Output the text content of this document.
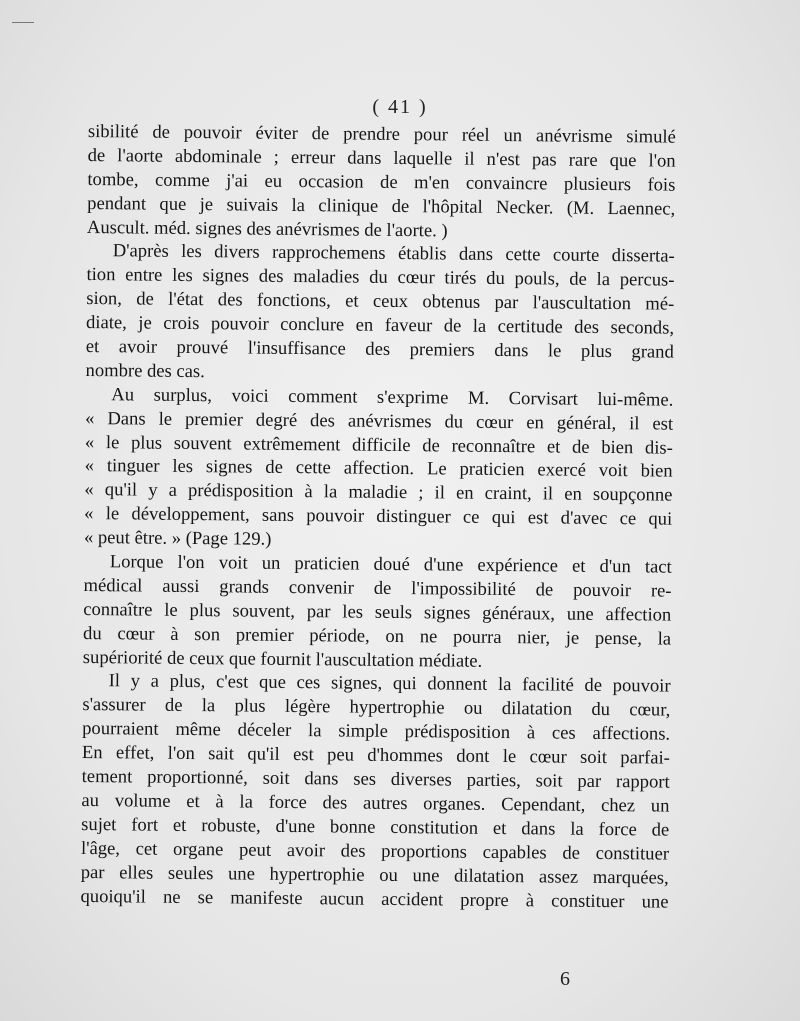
( 41 )
sibilité de pouvoir éviter de prendre pour réel un anévrisme simulé
de l'aorte abdominale ; erreur dans laquelle il n'est pas rare que l'on
tombe, comme j'ai eu occasion de m'en convaincre plusieurs fois
pendant que je suivais la clinique de l'hôpital Necker. (M. Laennec,
Auscult. méd. signes des anévrismes de l'aorte. )
D'après les divers rapprochemens établis dans cette courte disserta-
tion entre les signes des maladies du cœur tirés du pouls, de la percus-
sion, de l'état des fonctions, et ceux obtenus par l'auscultation mé-
diate, je crois pouvoir conclure en faveur de la certitude des seconds,
et avoir prouvé l'insuffisance des premiers dans le plus grand
nombre des cas.
Au surplus, voici comment s'exprime M. Corvisart lui-même.
« Dans le premier degré des anévrismes du cœur en général, il est
« le plus souvent extrêmement difficile de reconnaître et de bien dis-
« tinguer les signes de cette affection. Le praticien exercé voit bien
« qu'il y a prédisposition à la maladie ; il en craint, il en soupçonne
« le développement, sans pouvoir distinguer ce qui est d'avec ce qui
« peut être. » (Page 129.)
Lorque l'on voit un praticien doué d'une expérience et d'un tact
médical aussi grands convenir de l'impossibilité de pouvoir re-
connaître le plus souvent, par les seuls signes généraux, une affection
du cœur à son premier période, on ne pourra nier, je pense, la
supériorité de ceux que fournit l'auscultation médiate.
Il y a plus, c'est que ces signes, qui donnent la facilité de pouvoir
s'assurer de la plus légère hypertrophie ou dilatation du cœur,
pourraient même déceler la simple prédisposition à ces affections.
En effet, l'on sait qu'il est peu d'hommes dont le cœur soit parfai-
tement proportionné, soit dans ses diverses parties, soit par rapport
au volume et à la force des autres organes. Cependant, chez un
sujet fort et robuste, d'une bonne constitution et dans la force de
l'âge, cet organe peut avoir des proportions capables de constituer
par elles seules une hypertrophie ou une dilatation assez marquées,
quoiqu'il ne se manifeste aucun accident propre à constituer une
6
